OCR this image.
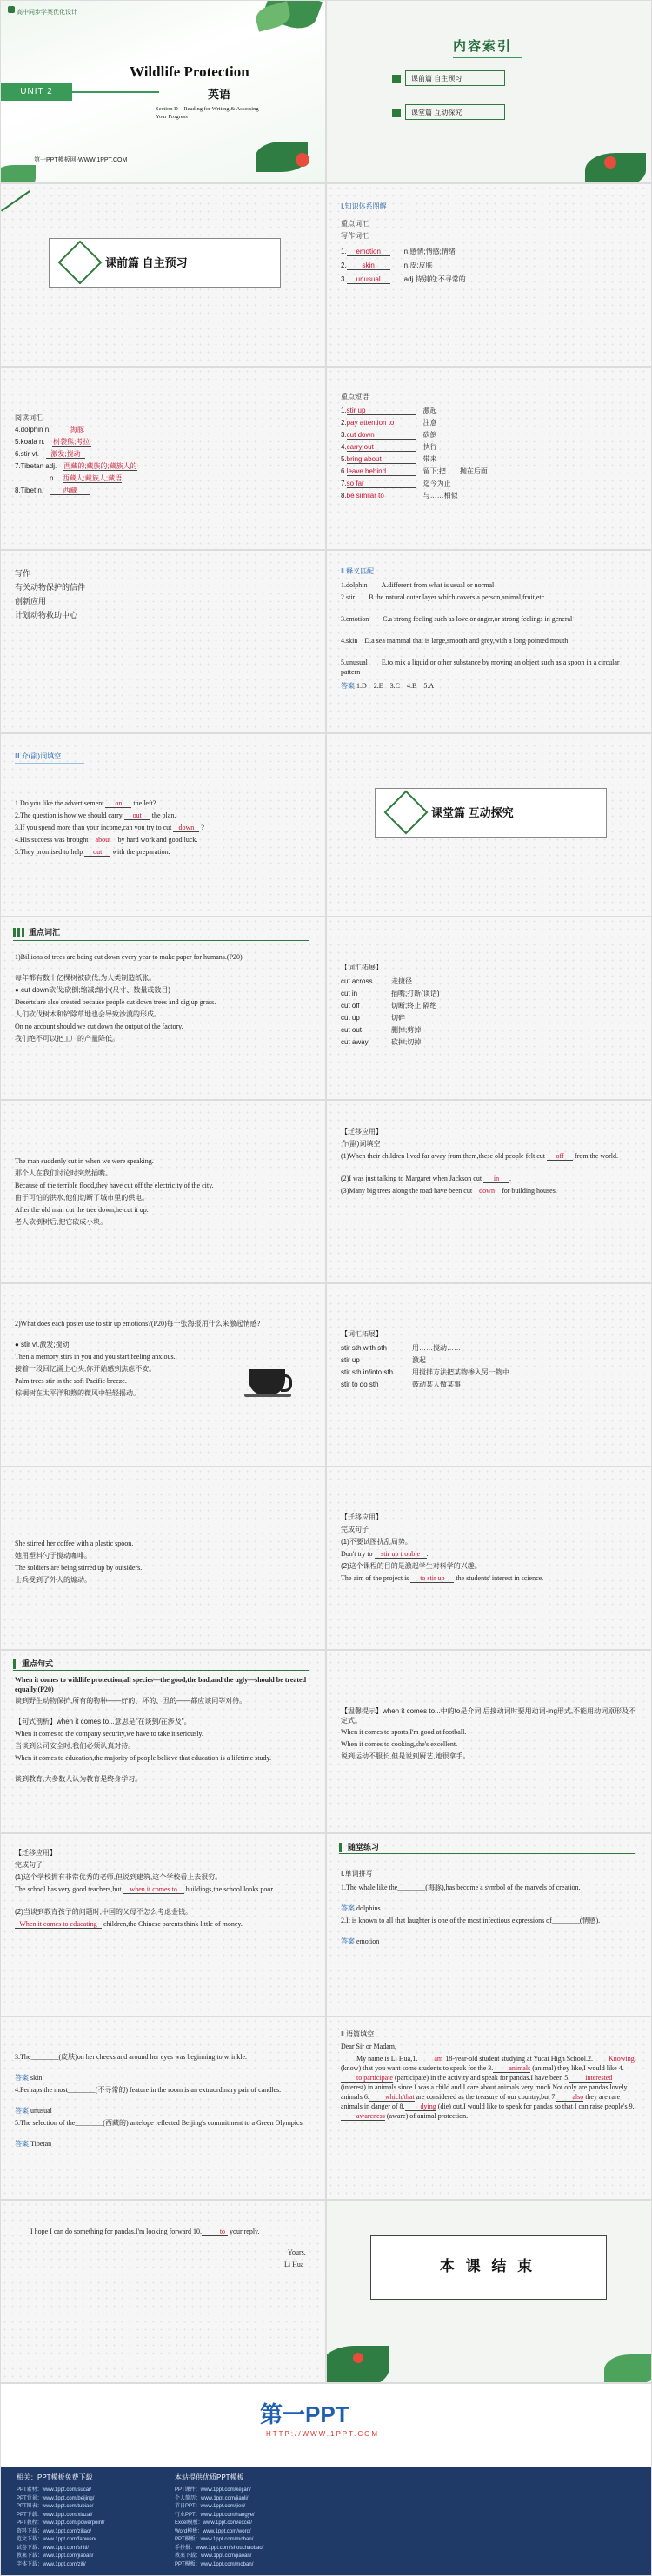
高中同步学案优化设计
UNIT 2
Wildlife Protection
英语
Section D　Reading for Writing & Assessing Your Progress
第一PPT模板网-WWW.1PPT.COM
内容索引
课前篇 自主预习
课堂篇 互动探究
课前篇 自主预习
Ⅰ.知识体系图解
重点词汇
写作词汇
1. emotion　　	n.感情;情感;情绪
2. skin　　	n.皮;皮肤
3. unusual　　	adj.特别的;不寻常的
阅读词汇
4.dolphin n.　	海豚
5.koala n.　 树袋熊;考拉
6.stir vt.　 激发;搅动
7.Tibetan adj.　 西藏的;藏族的;藏族人的
n.　 西藏人;藏族人;藏语
8.Tibet n.　	西藏
重点短语
1.stir up　	激起
2.pay attention to　	注意
3.cut down　	砍倒
4.carry out　	执行
5.bring about　	带来
6.leave behind　	留下;把……抛在后面
7.so far　	迄今为止
8.be similar to　	与……相似
写作
有关动物保护的信件
创新应用
计划动物救助中心
Ⅱ.释义匹配
1.dolphin　　A.different from what is usual or normal
2.stir　　B.the natural outer layer which covers a person,animal,fruit,etc.
3.emotion　　C.a strong feeling such as love or anger,or strong feelings in general
4.skin　D.a sea mammal that is large,smooth and grey,with a long pointed mouth
5.unusual　　E.to mix a liquid or other substance by moving an object such as a spoon in a circular pattern
答案 1.D　2.E　3.C　4.B　5.A
Ⅲ.介(副)词填空
1.Do you like the advertisement on the left?
2.The question is how we should carry out the plan.
3.If you spend more than your income,can you try to cut down ?
4.His success was brought about by hard work and good luck.
5.They promised to help out with the preparation.
课堂篇 互动探究
重点词汇
1)Billions of trees are being cut down every year to make paper for humans.(P20)
每年都有数十亿棵树被砍伐,为人类制造纸张。
● cut down砍伐;砍倒;缩减;缩小(尺寸、数量或数目)
Deserts are also created because people cut down trees and dig up grass.
人们砍伐树木和铲除草地也会导致沙漠的形成。
On no account should we cut down the output of the factory.
我们绝不可以把工厂的产量降低。
【词汇拓展】
cut across	走捷径
cut in	插嘴;打断(谈话)
cut off	切断;终止;隔绝
cut up	切碎
cut out	删掉;剪掉
cut away	砍掉;切掉
The man suddenly cut in when we were speaking.
那个人在我们讨论时突然插嘴。
Because of the terrible flood,they have cut off the electricity of the city.
由于可怕的洪水,他们切断了城市里的供电。
After the old man cut the tree down,he cut it up.
老人砍倒树后,把它砍成小块。
【迁移应用】
介(副)词填空
(1)When their children lived far away from them,these old people felt cut off from the world.
(2)I was just talking to Margaret when Jackson cut in .
(3)Many big trees along the road have been cut down for building houses.
2)What does each poster use to stir up emotions?(P20)每一张海报用什么来激起情感?
● stir vt.激发;搅动
Then a memory stirs in you and you start feeling anxious.
接着一段回忆涌上心头,你开始感到焦虑不安。
Palm trees stir in the soft Pacific breeze.
棕榈树在太平洋和煦的微风中轻轻摇动。
【词汇拓展】
stir sth with sth	用……搅动……
stir up	激起
stir sth in/into sth	用搅拌方法把某物掺入另一物中
stir to do sth	鼓动某人做某事
She stirred her coffee with a plastic spoon.
她用塑料勺子搅动咖啡。
The soldiers are being stirred up by outsiders.
士兵受到了外人的煽动。
【迁移应用】
完成句子
(1)不要试图扰乱局势。
Don't try to stir up trouble .
(2)这个课程的目的是激起学生对科学的兴趣。
The aim of the project is to stir up the students' interest in science.
重点句式
When it comes to wildlife protection,all species—the good,the bad,and the ugly—should be treated equally.(P20)
谈到野生动物保护,所有的物种——好的、坏的、丑的——都应该同等对待。
【句式剖析】when it comes to...意思是"在谈到/在涉及"。
When it comes to the company security,we have to take it seriously.
当谈到公司安全时,我们必须认真对待。
When it comes to education,the majority of people believe that education is a lifetime study.
谈到教育,大多数人认为教育是终身学习。
【温馨提示】when it comes to...中的to是介词,后接动词时要用动词-ing形式,不能用动词原形及不定式。
When it comes to sports,I'm good at football.
When it comes to cooking,she's excellent.
说到运动不服长,但是说到厨艺,她很拿手。
【迁移应用】
完成句子
(1)这个学校拥有非常优秀的老师,但说到建筑,这个学校看上去很穷。
The school has very good teachers,but when it comes to buildings,the school looks poor.
(2)当谈到教育孩子的问题时,中国的父母不怎么考虑金钱。
When it comes to educating children,the Chinese parents think little of money.
随堂练习
Ⅰ.单词拼写
1.The whale,like the________(海豚),has become a symbol of the marvels of creation.
答案 dolphins
2.It is known to all that laughter is one of the most infectious expressions of________(情感).
答案 emotion
3.The________(皮肤)on her cheeks and around her eyes was beginning to wrinkle.
答案 skin
4.Perhaps the most________(不寻常的) feature in the room is an extraordinary pair of candles.
答案 unusual
5.The selection of the________(西藏的) antelope reflected Beijing's commitment to a Green Olympics.
答案 Tibetan
Ⅱ.语篇填空
Dear Sir or Madam,
My name is Li Hua,1. am 18-year-old student studying at Yucai High School.2. Knowing (know) that you want some students to speak for the 3. animals (animal) they like,I would like 4.to participate (participate) in the activity and speak for pandas.I have been 5. interested (interest) in animals since I was a child and I care about animals very much.Not only are pandas lovely animals 6. which/that are considered as the treasure of our country,but 7. also they are rare animals in danger of 8. dying (die) out.I would like to speak for pandas so that I can raise people's 9.awareness (aware) of animal protection.
I hope I can do something for pandas.I'm looking forward 10.	to your reply.
Yours,
Li Hua	本 课 结 束
第一PPT
HTTP://WWW.1PPT.COM
相关：PPT模板免费下载	本站提供优质PPT模板
PPT素材：www.1ppt.com/sucai/
PPT背景：www.1ppt.com/beijing/
PPT图表：www.1ppt.com/tubiao/
PPT下载：www.1ppt.com/xiazai/
PPT教程：www.1ppt.com/powerpoint/
资料下载：www.1ppt.com/ziliao/
范文下载：www.1ppt.com/fanwen/
试卷下载：www.1ppt.com/shiti/
教案下载：www.1ppt.com/jiaoan/
字体下载：www.1ppt.com/ziti/
PPT课件：www.1ppt.com/kejian/
个人简历：www.1ppt.com/jianli/
节日PPT：www.1ppt.com/jieri/
行业PPT：www.1ppt.com/hangye/
Excel模板：www.1ppt.com/excel/
Word模板：www.1ppt.com/word/
PPT模板：www.1ppt.com/moban/
手抄报：www.1ppt.com/shouchaobao/
教案下载：www.1ppt.com/jiaoan/
PPT模板：www.1ppt.com/moban/
